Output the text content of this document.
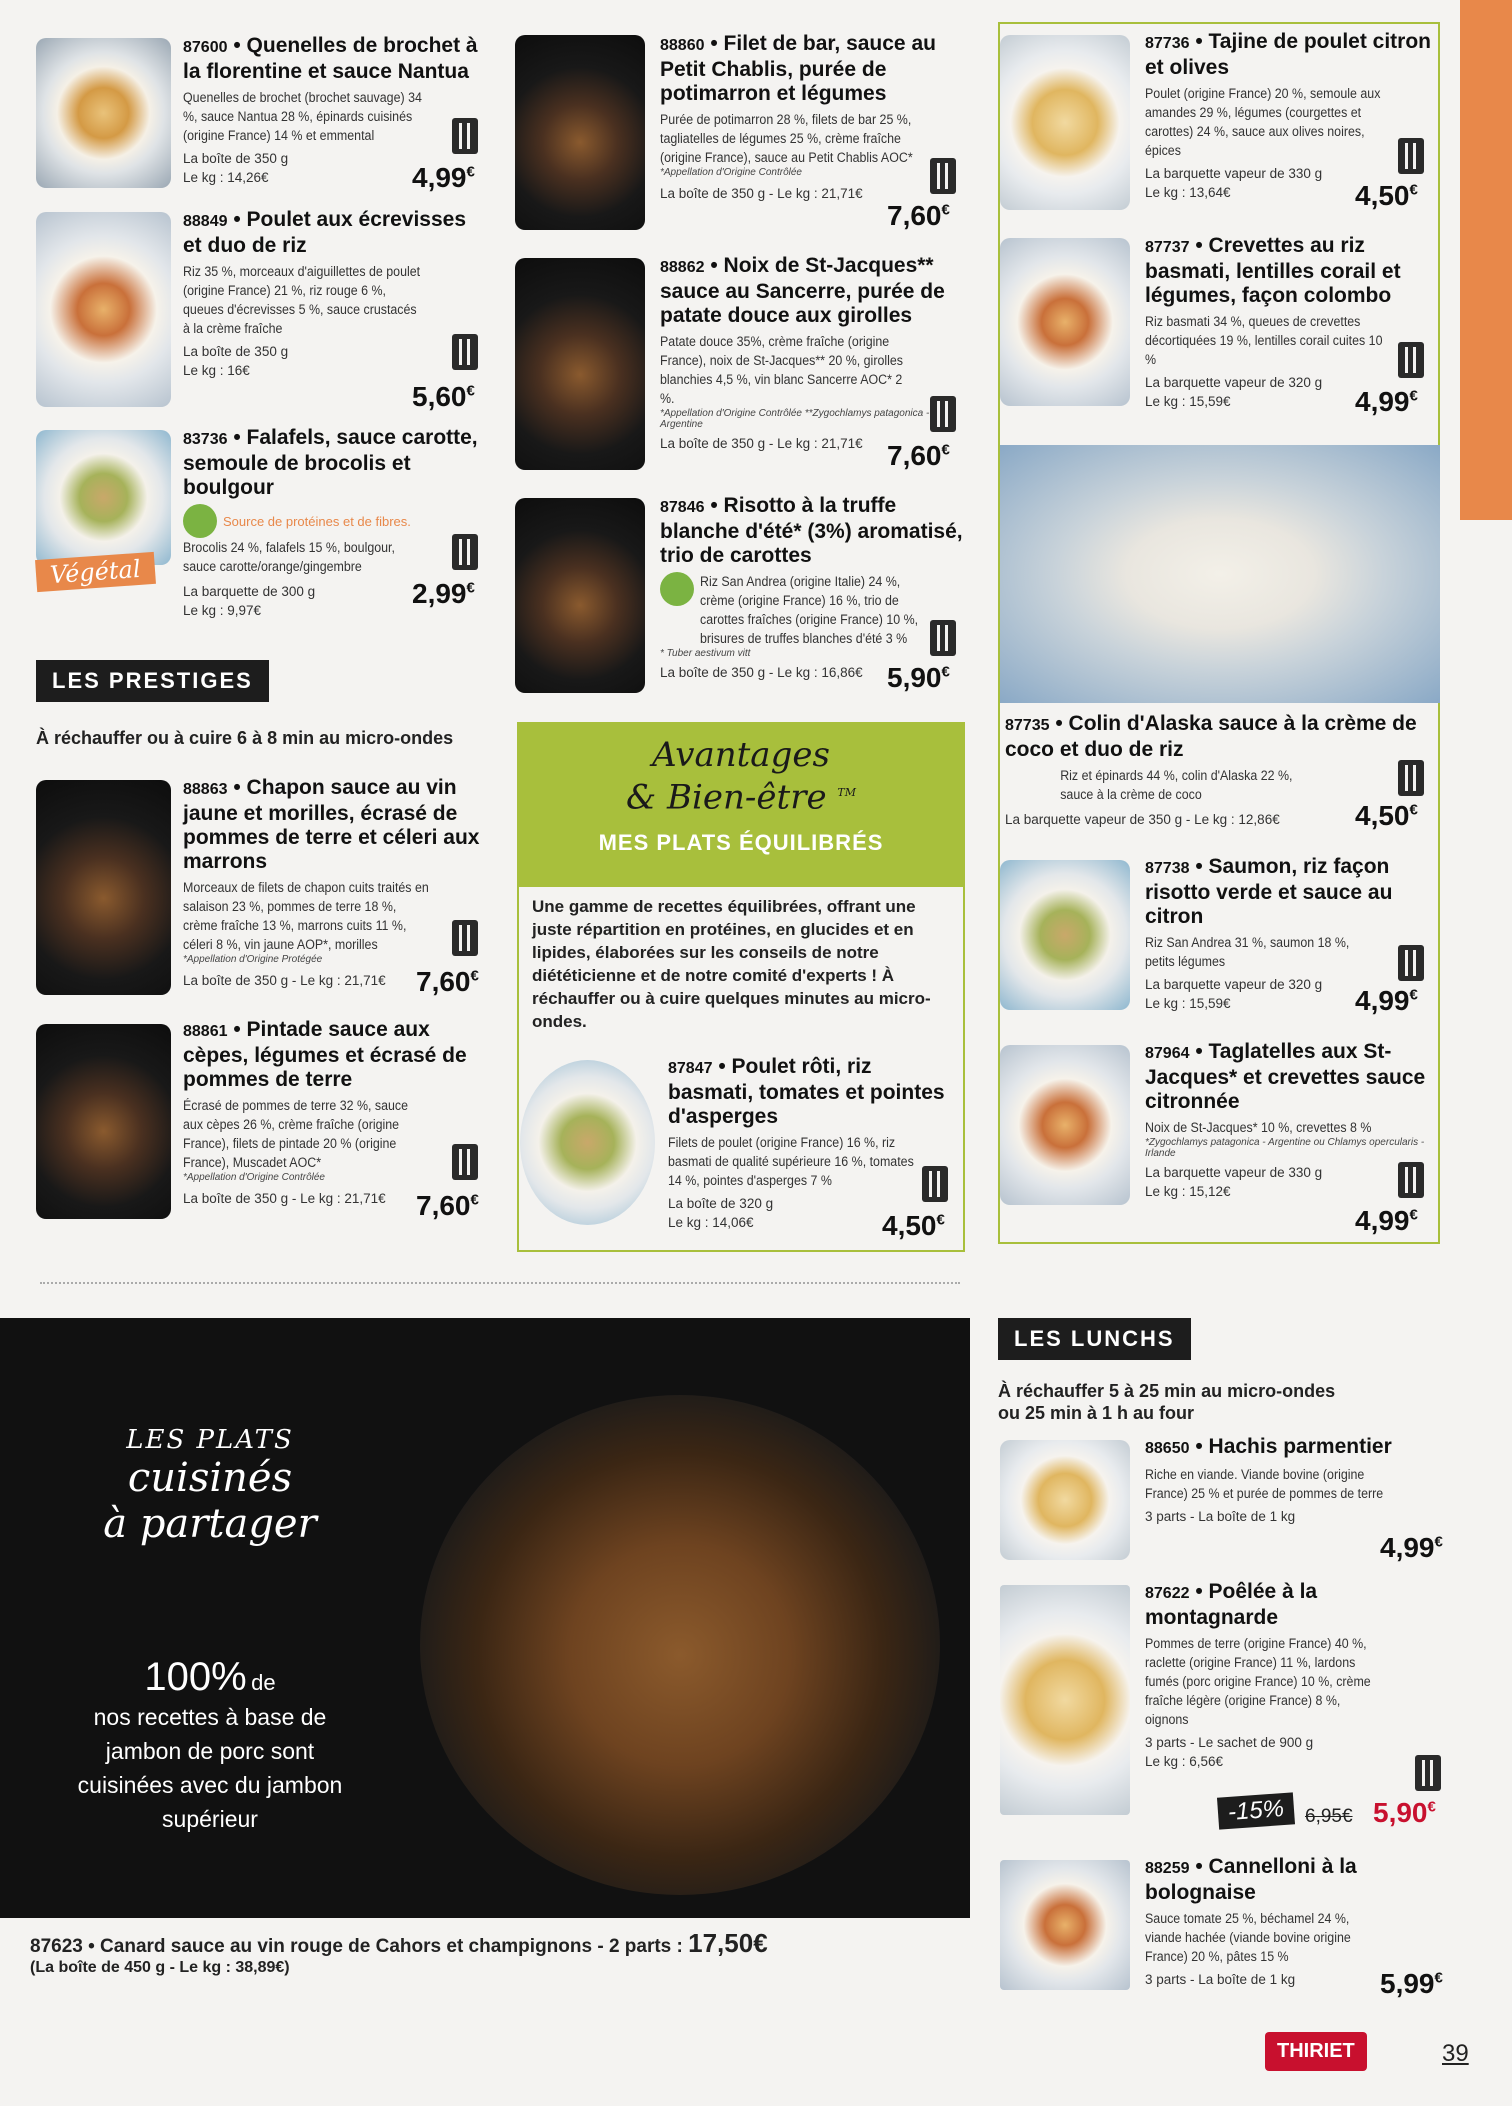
87600 • Quenelles de brochet à la florentine et sauce Nantua
Quenelles de brochet (brochet sauvage) 34 %, sauce Nantua 28 %, épinards cuisinés (origine France) 14 % et emmental
La boîte de 350 g
Le kg : 14,26€	4,99€
88849 • Poulet aux écrevisses et duo de riz
Riz 35 %, morceaux d'aiguillettes de poulet (origine France) 21 %, riz rouge 6 %, queues d'écrevisses 5 %, sauce crustacés à la crème fraîche
La boîte de 350 g
Le kg : 16€
5,60€
Végétal
83736 • Falafels, sauce carotte, semoule de brocolis et boulgour
Source de protéines et de fibres.
Brocolis 24 %, falafels 15 %, boulgour, sauce carotte/orange/gingembre
La barquette de 300 g
Le kg : 9,97€
2,99€
LES PRESTIGES
À réchauffer ou à cuire 6 à 8 min au micro-ondes
88863 • Chapon sauce au vin jaune et morilles, écrasé de pommes de terre et céleri aux marrons
Morceaux de filets de chapon cuits traités en salaison 23 %, pommes de terre 18 %, crème fraîche 13 %, marrons cuits 11 %, céleri 8 %, vin jaune AOP*, morilles
*Appellation d'Origine Protégée
La boîte de 350 g - Le kg : 21,71€	7,60€
88861 • Pintade sauce aux cèpes, légumes et écrasé de pommes de terre
Écrasé de pommes de terre 32 %, sauce aux cèpes 26 %, crème fraîche (origine France), filets de pintade 20 % (origine France), Muscadet AOC*
*Appellation d'Origine Contrôlée
La boîte de 350 g - Le kg : 21,71€	7,60€
88860 • Filet de bar, sauce au Petit Chablis, purée de potimarron et légumes
Purée de potimarron 28 %, filets de bar 25 %, tagliatelles de légumes 25 %, crème fraîche (origine France), sauce au Petit Chablis AOC*
*Appellation d'Origine Contrôlée
La boîte de 350 g - Le kg : 21,71€
7,60€
88862 • Noix de St-Jacques** sauce au Sancerre, purée de patate douce aux girolles
Patate douce 35%, crème fraîche (origine France), noix de St-Jacques** 20 %, girolles blanchies 4,5 %, vin blanc Sancerre AOC* 2 %.
*Appellation d'Origine Contrôlée **Zygochlamys patagonica - Argentine
La boîte de 350 g - Le kg : 21,71€ 7,60€
87846 • Risotto à la truffe blanche d'été* (3%) aromatisé, trio de carottes
Riz San Andrea (origine Italie) 24 %, crème (origine France) 16 %, trio de carottes fraîches (origine France) 10 %, brisures de truffes blanches d'été 3 %
* Tuber aestivum vitt
La boîte de 350 g - Le kg : 16,86€ 5,90€
Avantages
& Bien-être ™
MES PLATS ÉQUILIBRÉS
Une gamme de recettes équilibrées, offrant une juste répartition en protéines, en glucides et en lipides, élaborées sur les conseils de notre diététicienne et de notre comité d'experts ! À réchauffer ou à cuire quelques minutes au micro-ondes.
87847 • Poulet rôti, riz basmati, tomates et pointes d'asperges
Filets de poulet (origine France) 16 %, riz basmati de qualité supérieure 16 %, tomates 14 %, pointes d'asperges 7 %
La boîte de 320 g
Le kg : 14,06€	4,50€
87736 • Tajine de poulet citron et olives
Poulet (origine France) 20 %, semoule aux amandes 29 %, légumes (courgettes et carottes) 24 %, sauce aux olives noires, épices
La barquette vapeur de 330 g
Le kg : 13,64€	4,50€
87737 • Crevettes au riz basmati, lentilles corail et légumes, façon colombo
Riz basmati 34 %, queues de crevettes décortiquées 19 %, lentilles corail cuites 10 %
La barquette vapeur de 320 g
Le kg : 15,59€	4,99€
87735 • Colin d'Alaska sauce à la crème de coco et duo de riz
Riz et épinards 44 %, colin d'Alaska 22 %, sauce à la crème de coco
La barquette vapeur de 350 g - Le kg : 12,86€	4,50€
87738 • Saumon, riz façon risotto verde et sauce au citron
Riz San Andrea 31 %, saumon 18 %, petits légumes
La barquette vapeur de 320 g
Le kg : 15,59€	4,99€
87964 • Taglatelles aux St-Jacques* et crevettes sauce citronnée
Noix de St-Jacques* 10 %, crevettes 8 %
*Zygochlamys patagonica - Argentine ou Chlamys opercularis - Irlande
La barquette vapeur de 330 g
Le kg : 15,12€
4,99€
LES PLATS
cuisinés
à partager
100% de
nos recettes à base de jambon de porc sont cuisinées avec du jambon supérieur
87623 • Canard sauce au vin rouge de Cahors et champignons - 2 parts : 17,50€
(La boîte de 450 g - Le kg : 38,89€)
LES LUNCHS
À réchauffer 5 à 25 min au micro-ondes ou 25 min à 1 h au four
88650 • Hachis parmentier
Riche en viande. Viande bovine (origine France) 25 % et purée de pommes de terre
3 parts - La boîte de 1 kg
4,99€
87622 • Poêlée à la montagnarde
Pommes de terre (origine France) 40 %, raclette (origine France) 11 %, lardons fumés (porc origine France) 10 %, crème fraîche légère (origine France) 8 %, oignons
3 parts - Le sachet de 900 g
Le kg : 6,56€
-15%	6,95€ 5,90€
88259 • Cannelloni à la bolognaise
Sauce tomate 25 %, béchamel 24 %, viande hachée (viande bovine origine France) 20 %, pâtes 15 %
3 parts - La boîte de 1 kg	5,99€
THIRIET	39
